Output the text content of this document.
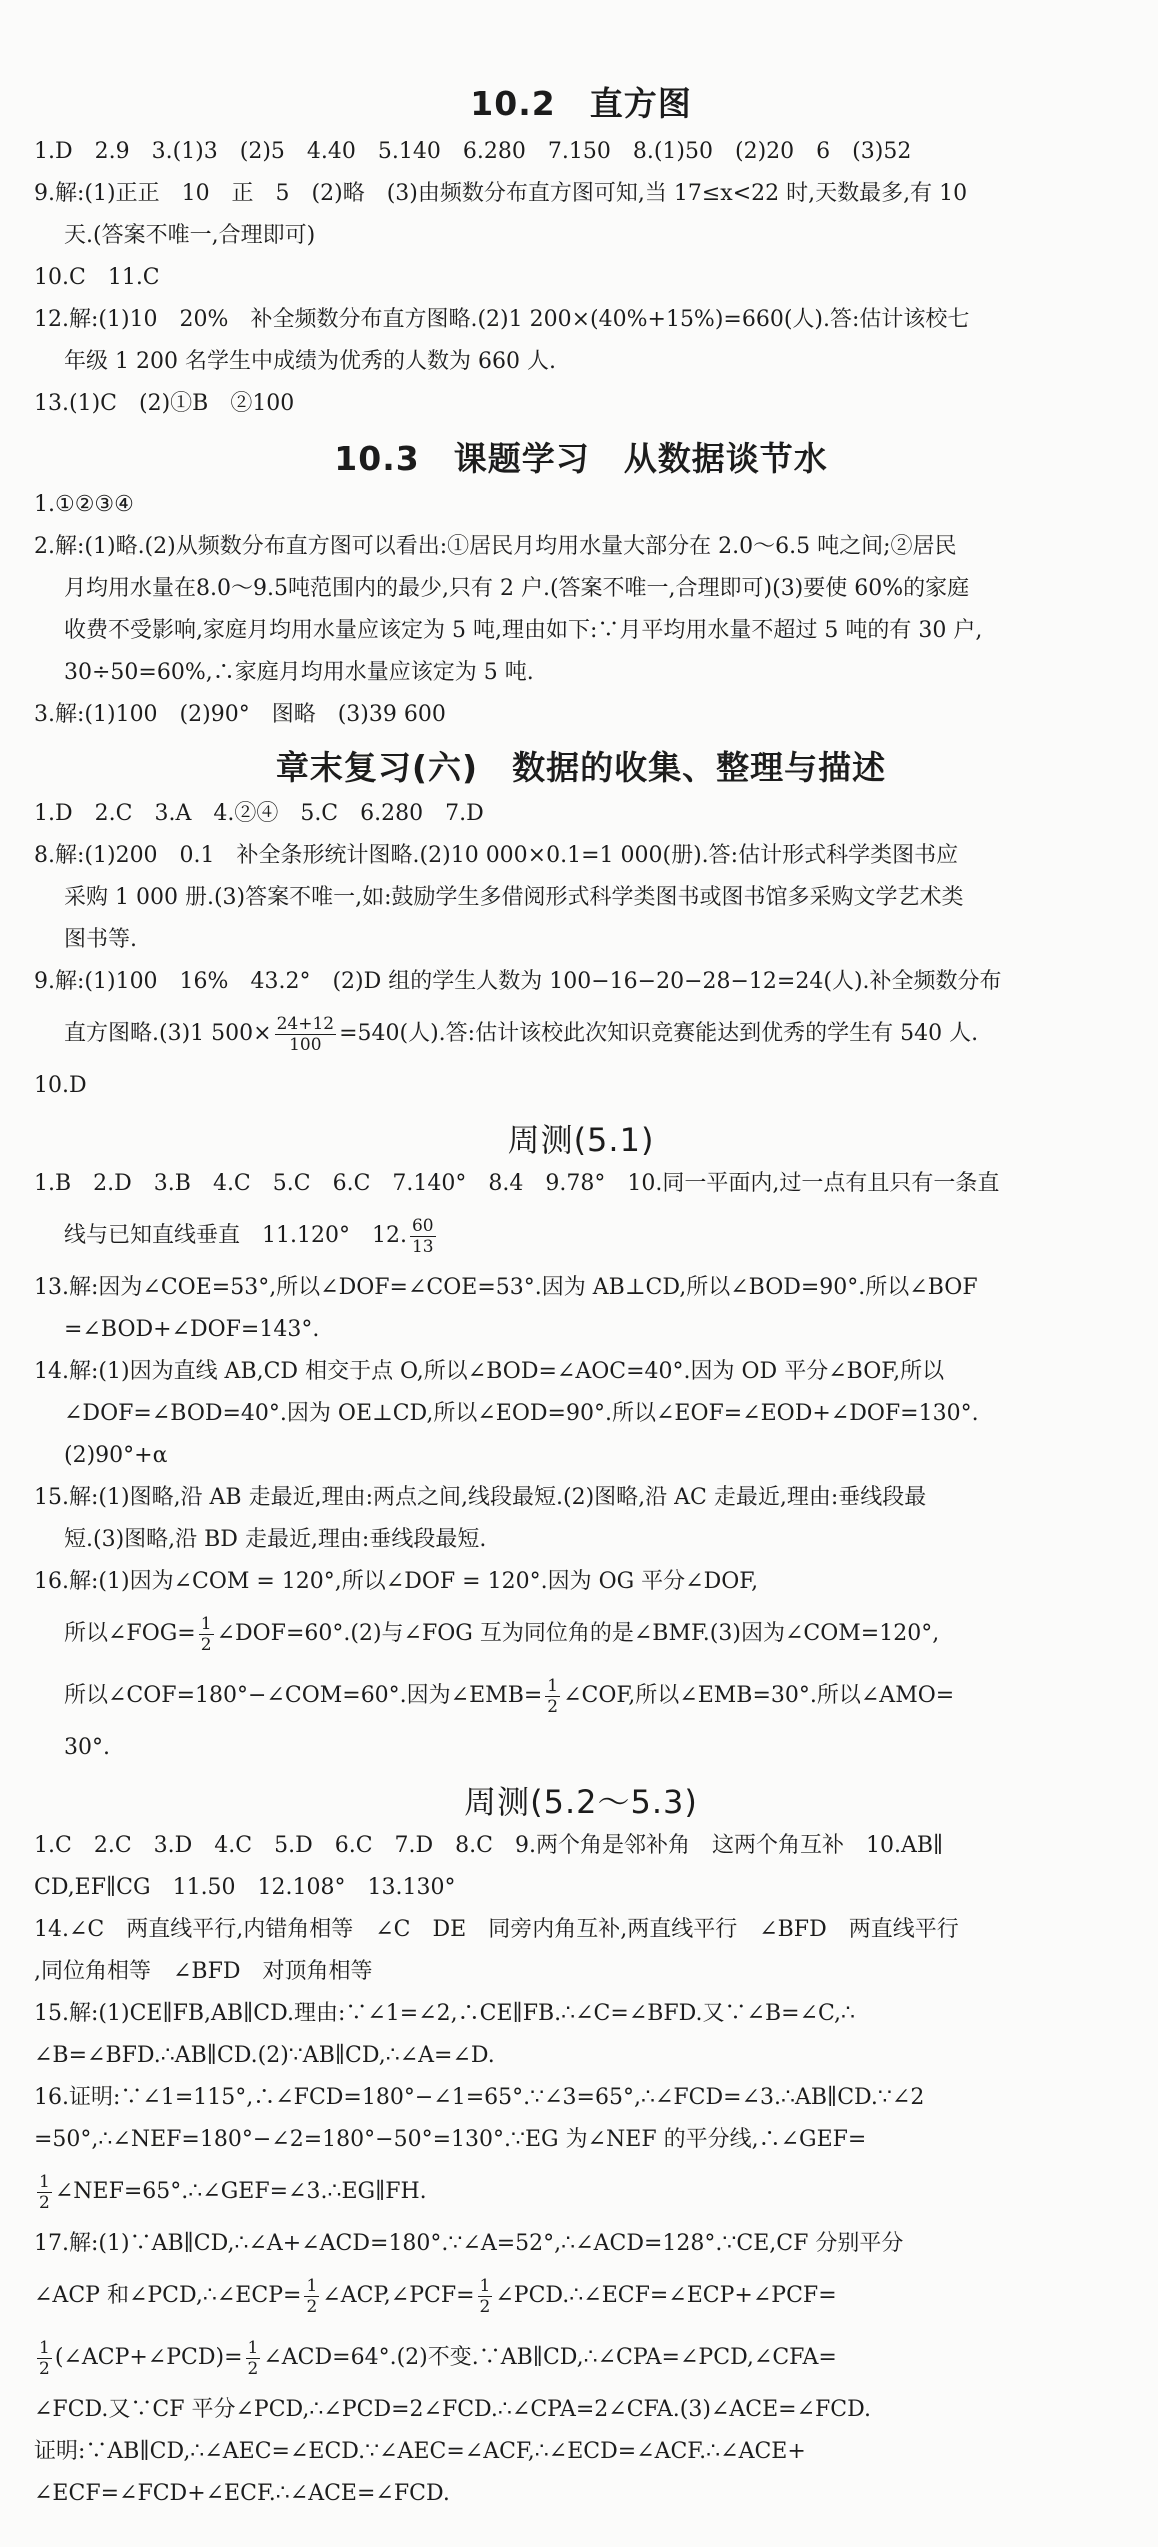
10.2　直方图

1.D　2.9　3.(1)3　(2)5　4.40　5.140　6.280　7.150　8.(1)50　(2)20　6　(3)52

9.解:(1)正正　10　正　5　(2)略　(3)由频数分布直方图可知,当 17≤x<22 时,天数最多,有 10

天.(答案不唯一,合理即可)

10.C　11.C

12.解:(1)10　20%　补全频数分布直方图略.(2)1 200×(40%+15%)=660(人).答:估计该校七

年级 1 200 名学生中成绩为优秀的人数为 660 人.

13.(1)C　(2)①B　②100

10.3　课题学习　从数据谈节水

1.①②③④

2.解:(1)略.(2)从频数分布直方图可以看出:①居民月均用水量大部分在 2.0～6.5 吨之间;②居民

月均用水量在8.0～9.5吨范围内的最少,只有 2 户.(答案不唯一,合理即可)(3)要使 60%的家庭

收费不受影响,家庭月均用水量应该定为 5 吨,理由如下:∵月平均用水量不超过 5 吨的有 30 户,

30÷50=60%,∴家庭月均用水量应该定为 5 吨.

3.解:(1)100　(2)90°　图略　(3)39 600

章末复习(六)　数据的收集、整理与描述

1.D　2.C　3.A　4.②④　5.C　6.280　7.D

8.解:(1)200　0.1　补全条形统计图略.(2)10 000×0.1=1 000(册).答:估计形式科学类图书应

采购 1 000 册.(3)答案不唯一,如:鼓励学生多借阅形式科学类图书或图书馆多采购文学艺术类

图书等.

9.解:(1)100　16%　43.2°　(2)D 组的学生人数为 100−16−20−28−12=24(人).补全频数分布

直方图略.(3)1 $500\times \frac{24+12}{100} =540$(人).答:估计该校此次知识竞赛能达到优秀的学生有 540 人.

10.D

周测(5.1)

1.B　2.D　3.B　4.C　5.C　6.C　7.140°　8.4　9.78°　10.同一平面内,过一点有且只有一条直

线与已知直线垂直　11.120°　12. $\frac{60}{13}$

13.解:因为∠COE=53°,所以∠DOF=∠COE=53°.因为 AB⊥CD,所以∠BOD=90°.所以∠BOF

=∠BOD+∠DOF=143°.

14.解:(1)因为直线 AB,CD 相交于点 O,所以∠BOD=∠AOC=40°.因为 OD 平分∠BOF,所以

∠DOF=∠BOD=40°.因为 OE⊥CD,所以∠EOD=90°.所以∠EOF=∠EOD+∠DOF=130°.

(2)90°+α

15.解:(1)图略,沿 AB 走最近,理由:两点之间,线段最短.(2)图略,沿 AC 走最近,理由:垂线段最

短.(3)图略,沿 BD 走最近,理由:垂线段最短.

16.解:(1)因为∠COM = 120°,所以∠DOF = 120°.因为 OG 平分∠DOF,

所以∠FOG= $\frac{1}{2}$ ∠DOF=60°.(2)与∠FOG 互为同位角的是∠BMF.(3)因为∠COM=120°,

所以∠COF=180°−∠COM=60°.因为∠EMB= $\frac{1}{2}$ ∠COF,所以∠EMB=30°.所以∠AMO=

30°.

周测(5.2～5.3)

1.C　2.C　3.D　4.C　5.D　6.C　7.D　8.C　9.两个角是邻补角　这两个角互补　10.AB∥

CD,EF∥CG　11.50　12.108°　13.130°

14.∠C　两直线平行,内错角相等　∠C　DE　同旁内角互补,两直线平行　∠BFD　两直线平行

,同位角相等　∠BFD　对顶角相等

15.解:(1)CE∥FB,AB∥CD.理由:∵∠1=∠2,∴CE∥FB.∴∠C=∠BFD.又∵∠B=∠C,∴

∠B=∠BFD.∴AB∥CD.(2)∵AB∥CD,∴∠A=∠D.

16.证明:∵∠1=115°,∴∠FCD=180°−∠1=65°.∵∠3=65°,∴∠FCD=∠3.∴AB∥CD.∵∠2

=50°,∴∠NEF=180°−∠2=180°−50°=130°.∵EG 为∠NEF 的平分线,∴∠GEF=

$\frac{1}{2}$ ∠NEF=65°.∴∠GEF=∠3.∴EG∥FH.

17.解:(1)∵AB∥CD,∴∠A+∠ACD=180°.∵∠A=52°,∴∠ACD=128°.∵CE,CF 分别平分

∠ACP 和∠PCD,∴∠ECP= $\frac{1}{2}$ ∠ACP,∠PCF= $\frac{1}{2}$ ∠PCD.∴∠ECF=∠ECP+∠PCF=

$\frac{1}{2}$ (∠ACP+∠PCD)= $\frac{1}{2}$ ∠ACD=64°.(2)不变.∵AB∥CD,∴∠CPA=∠PCD,∠CFA=

∠FCD.又∵CF 平分∠PCD,∴∠PCD=2∠FCD.∴∠CPA=2∠CFA.(3)∠ACE=∠FCD.

证明:∵AB∥CD,∴∠AEC=∠ECD.∵∠AEC=∠ACF,∴∠ECD=∠ACF.∴∠ACE+

∠ECF=∠FCD+∠ECF.∴∠ACE=∠FCD.
